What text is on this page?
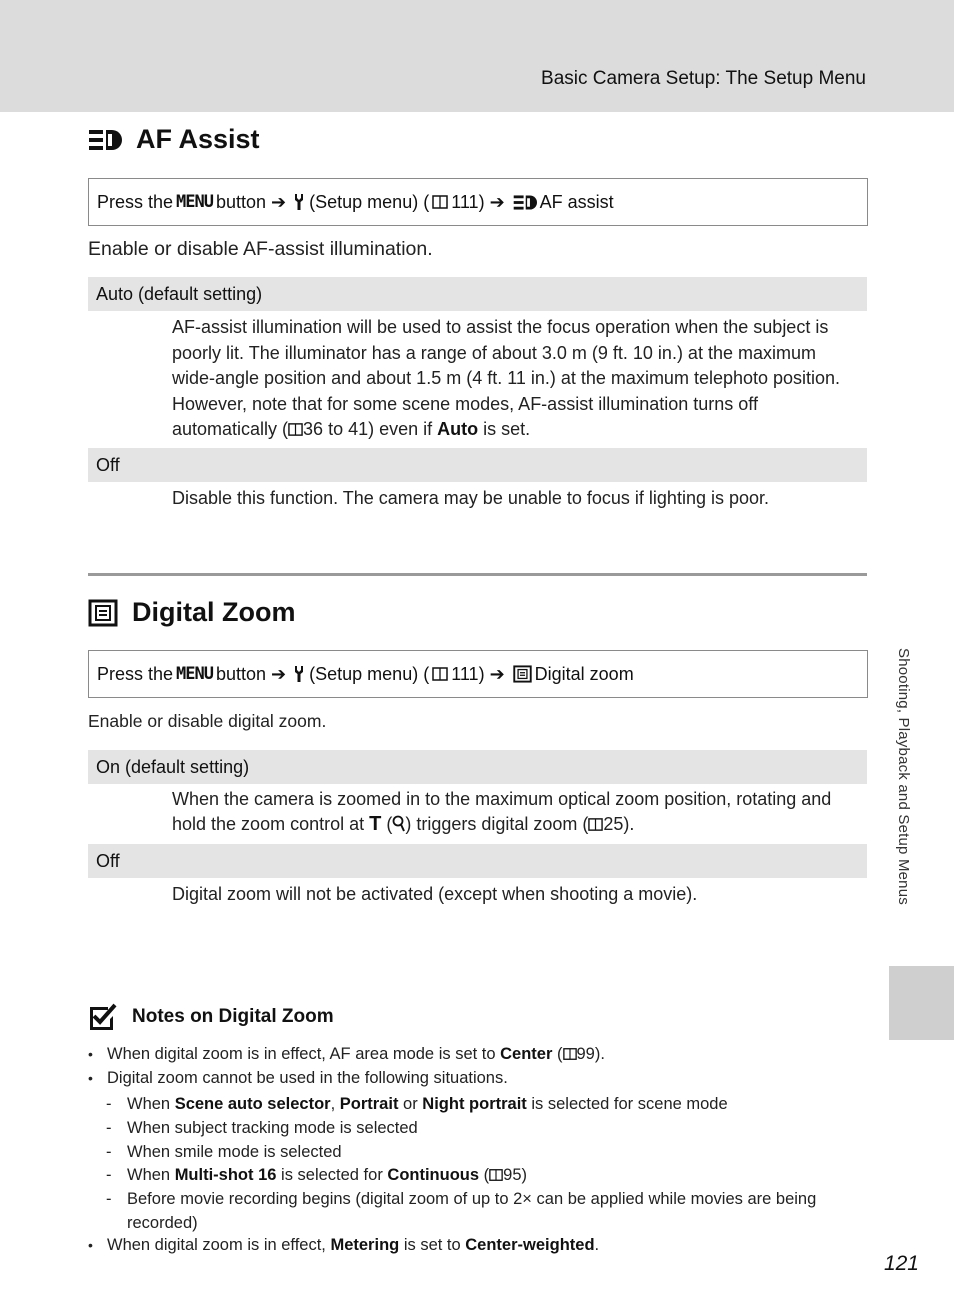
Basic Camera Setup: The Setup Menu
AF Assist
Press the MENU button ➔ (Setup menu) ( 111) ➔ AF assist
Enable or disable AF-assist illumination.
Auto (default setting)
AF-assist illumination will be used to assist the focus operation when the subject is poorly lit. The illuminator has a range of about 3.0 m (9 ft. 10 in.) at the maximum wide-angle position and about 1.5 m (4 ft. 11 in.) at the maximum telephoto position. However, note that for some scene modes, AF-assist illumination turns off automatically ( 36 to 41) even if Auto is set.
Off
Disable this function. The camera may be unable to focus if lighting is poor.
Digital Zoom
Press the MENU button ➔ (Setup menu) ( 111) ➔ Digital zoom
Enable or disable digital zoom.
On (default setting)
When the camera is zoomed in to the maximum optical zoom position, rotating and hold the zoom control at T ( ) triggers digital zoom ( 25).
Off
Digital zoom will not be activated (except when shooting a movie).
Notes on Digital Zoom
• When digital zoom is in effect, AF area mode is set to Center ( 99).
• Digital zoom cannot be used in the following situations.
- When Scene auto selector, Portrait or Night portrait is selected for scene mode
- When subject tracking mode is selected
- When smile mode is selected
- When Multi-shot 16 is selected for Continuous ( 95)
- Before movie recording begins (digital zoom of up to 2× can be applied while movies are being recorded)
• When digital zoom is in effect, Metering is set to Center-weighted.
Shooting, Playback and Setup Menus
121
